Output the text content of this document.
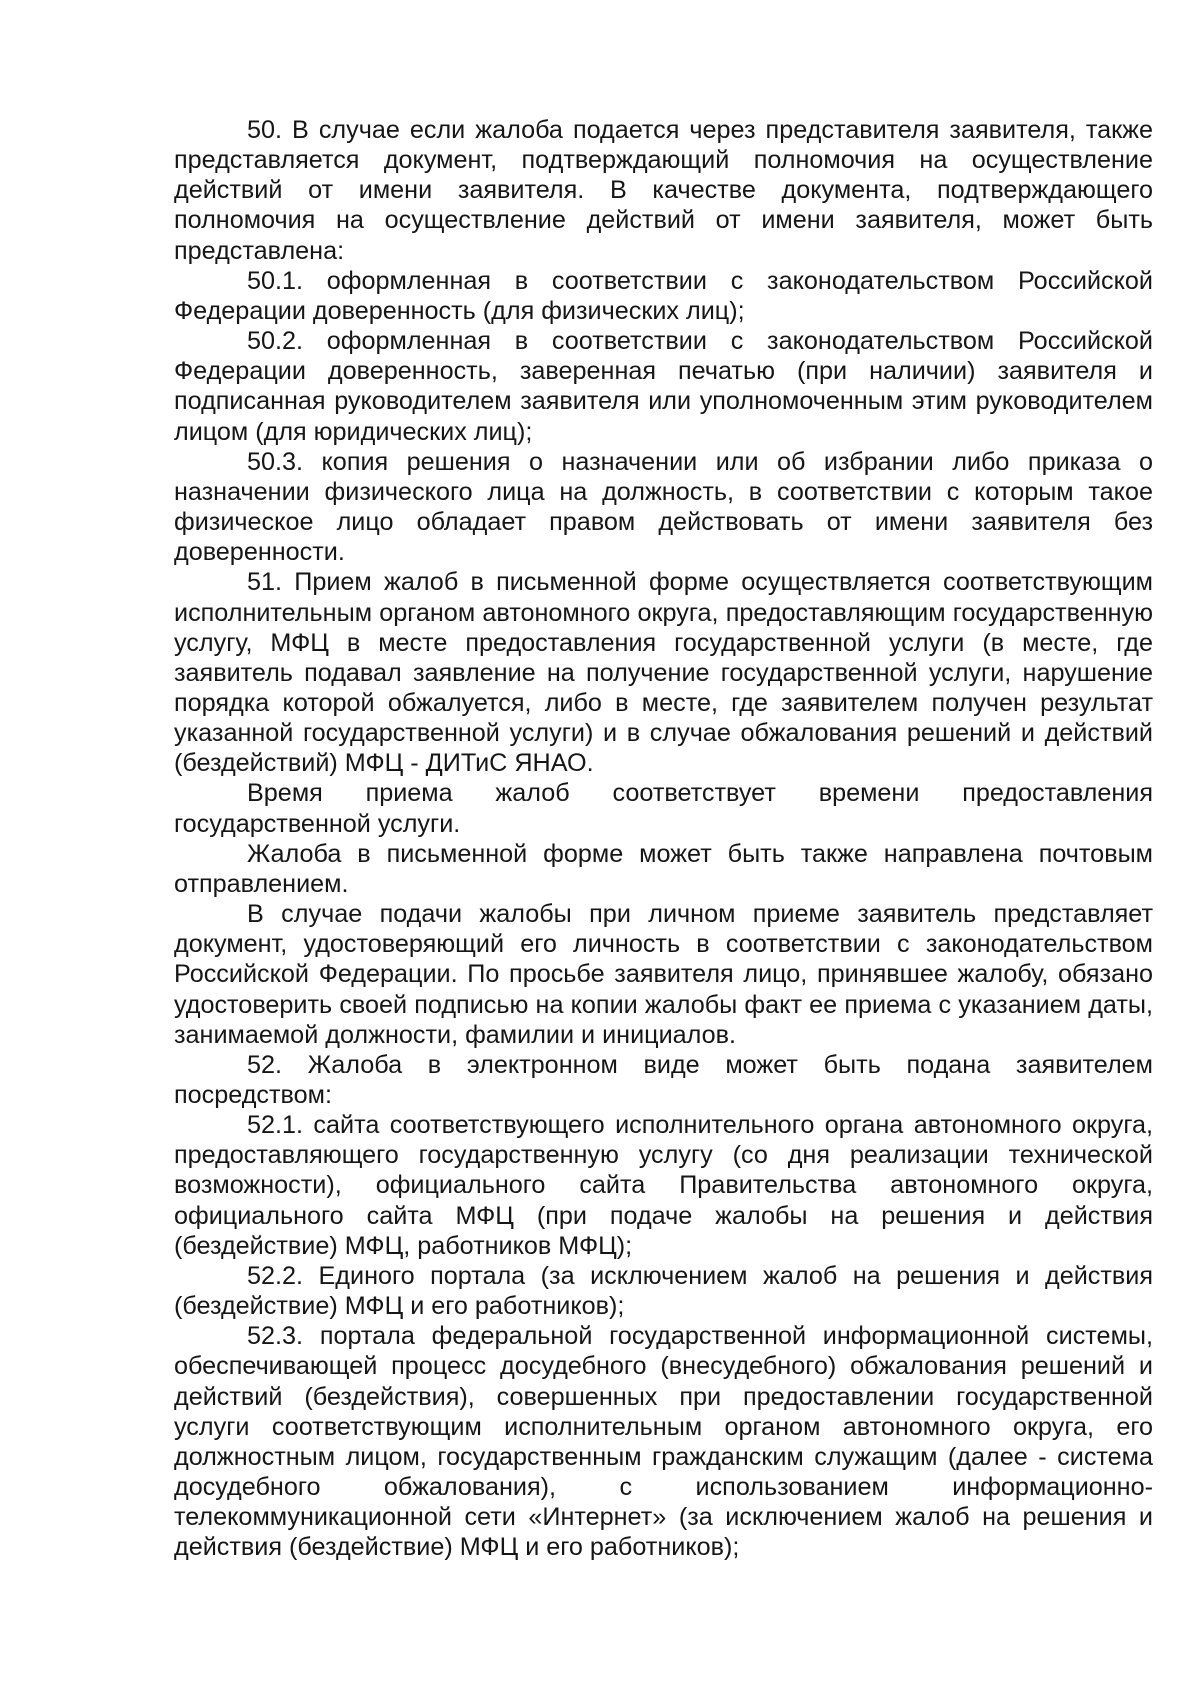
50. В случае если жалоба подается через представителя заявителя, также представляется документ, подтверждающий полномочия на осуществление действий от имени заявителя. В качестве документа, подтверждающего полномочия на осуществление действий от имени заявителя, может быть представлена:

50.1. оформленная в соответствии с законодательством Российской Федерации доверенность (для физических лиц);

50.2. оформленная в соответствии с законодательством Российской Федерации доверенность, заверенная печатью (при наличии) заявителя и подписанная руководителем заявителя или уполномоченным этим руководителем лицом (для юридических лиц);

50.3. копия решения о назначении или об избрании либо приказа о назначении физического лица на должность, в соответствии с которым такое физическое лицо обладает правом действовать от имени заявителя без доверенности.

51. Прием жалоб в письменной форме осуществляется соответствующим исполнительным органом автономного округа, предоставляющим государственную услугу, МФЦ в месте предоставления государственной услуги (в месте, где заявитель подавал заявление на получение государственной услуги, нарушение порядка которой обжалуется, либо в месте, где заявителем получен результат указанной государственной услуги) и в случае обжалования решений и действий (бездействий) МФЦ - ДИТиС ЯНАО.

Время приема жалоб соответствует времени предоставления государственной услуги.

Жалоба в письменной форме может быть также направлена почтовым отправлением.

В случае подачи жалобы при личном приеме заявитель представляет документ, удостоверяющий его личность в соответствии с законодательством Российской Федерации. По просьбе заявителя лицо, принявшее жалобу, обязано удостоверить своей подписью на копии жалобы факт ее приема с указанием даты, занимаемой должности, фамилии и инициалов.

52. Жалоба в электронном виде может быть подана заявителем посредством:

52.1. сайта соответствующего исполнительного органа автономного округа, предоставляющего государственную услугу (со дня реализации технической возможности), официального сайта Правительства автономного округа, официального сайта МФЦ (при подаче жалобы на решения и действия (бездействие) МФЦ, работников МФЦ);

52.2. Единого портала (за исключением жалоб на решения и действия (бездействие) МФЦ и его работников);

52.3. портала федеральной государственной информационной системы, обеспечивающей процесс досудебного (внесудебного) обжалования решений и действий (бездействия), совершенных при предоставлении государственной услуги соответствующим исполнительным органом автономного округа, его должностным лицом, государственным гражданским служащим (далее - система досудебного обжалования), с использованием информационно-телекоммуникационной сети «Интернет» (за исключением жалоб на решения и действия (бездействие) МФЦ и его работников);
